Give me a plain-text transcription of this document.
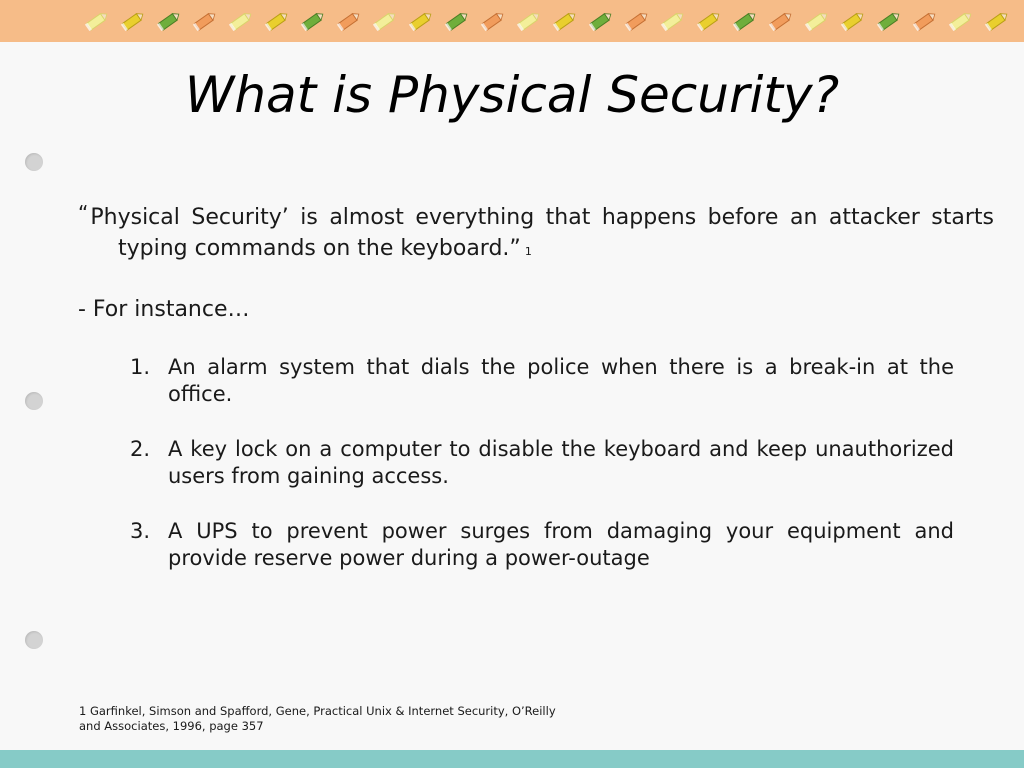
What is Physical Security?
“Physical Security’ is almost everything that happens before an attacker starts typing commands on the keyboard.” 1
- For instance…
1. An alarm system that dials the police when there is a break-in at the office.
2. A key lock on a computer to disable the keyboard and keep unauthorized users from gaining access.
3. A UPS to prevent power surges from damaging your equipment and provide reserve power during a power-outage
1 Garfinkel, Simson and Spafford, Gene, Practical Unix & Internet Security, O’Reilly and Associates, 1996, page 357
